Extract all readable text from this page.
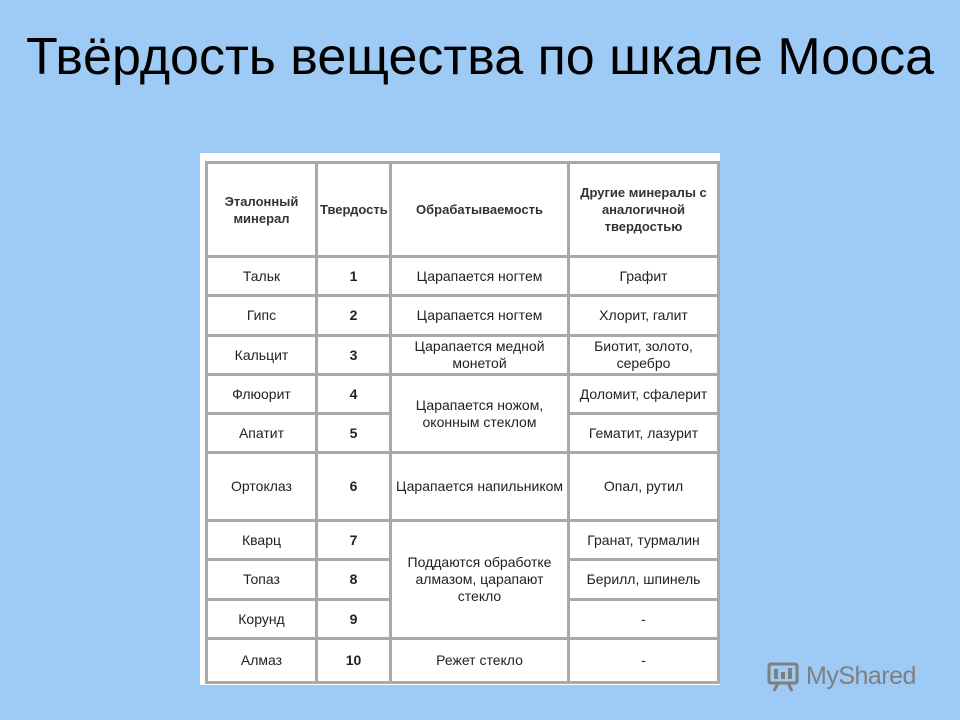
Твёрдость вещества по шкале Мооса
Эталонный минерал	Твердость	Обрабатываемость	Другие минералы с аналогичной твердостью
Тальк	1	Царапается ногтем	Графит
Гипс	2	Царапается ногтем	Хлорит, галит
Кальцит	3	Царапается медной монетой	Биотит, золото, серебро
Флюорит	4	Царапается ножом, оконным стеклом	Доломит, сфалерит
Апатит	5		Гематит, лазурит
Ортоклаз	6	Царапается напильником	Опал, рутил
Кварц	7	Поддаются обработке алмазом, царапают стекло	Гранат, турмалин
Топаз	8		Берилл, шпинель
Корунд	9		-
Алмаз	10	Режет стекло	-
MyShared
